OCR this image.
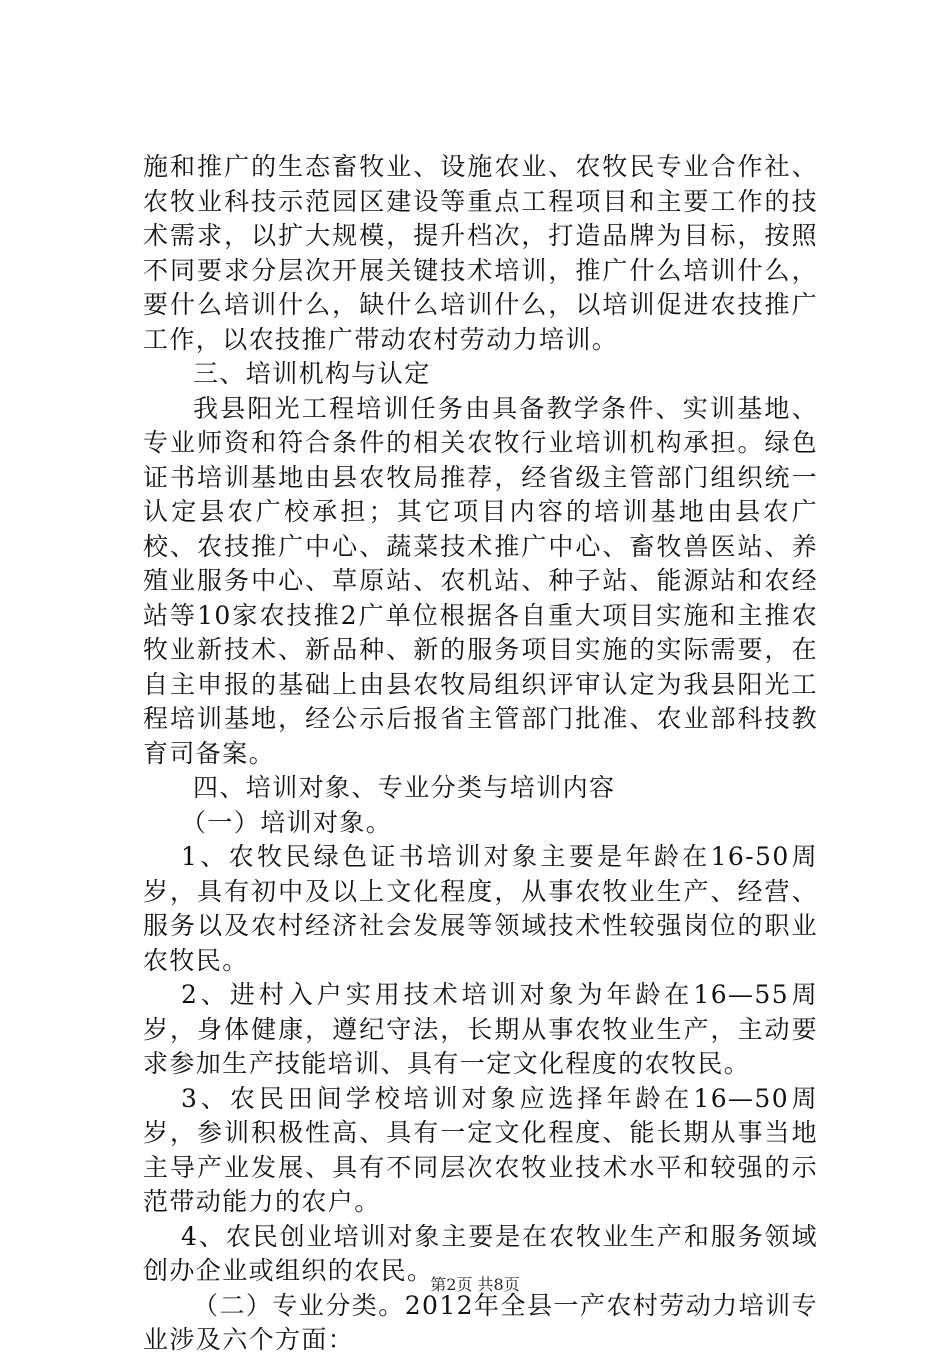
施和推广的生态畜牧业、设施农业、农牧民专业合作社、农牧业科技示范园区建设等重点工程项目和主要工作的技术需求，以扩大规模，提升档次，打造品牌为目标，按照不同要求分层次开展关键技术培训，推广什么培训什么，要什么培训什么，缺什么培训什么，以培训促进农技推广工作，以农技推广带动农村劳动力培训。

三、培训机构与认定

我县阳光工程培训任务由具备教学条件、实训基地、专业师资和符合条件的相关农牧行业培训机构承担。绿色证书培训基地由县农牧局推荐，经省级主管部门组织统一认定县农广校承担；其它项目内容的培训基地由县农广校、农技推广中心、蔬菜技术推广中心、畜牧兽医站、养殖业服务中心、草原站、农机站、种子站、能源站和农经站等10家农技推2广单位根据各自重大项目实施和主推农牧业新技术、新品种、新的服务项目实施的实际需要，在自主申报的基础上由县农牧局组织评审认定为我县阳光工程培训基地，经公示后报省主管部门批准、农业部科技教育司备案。

四、培训对象、专业分类与培训内容

（一）培训对象。

1、农牧民绿色证书培训对象主要是年龄在16-50周岁，具有初中及以上文化程度，从事农牧业生产、经营、服务以及农村经济社会发展等领域技术性较强岗位的职业农牧民。

2、进村入户实用技术培训对象为年龄在16—55周岁，身体健康，遵纪守法，长期从事农牧业生产，主动要求参加生产技能培训、具有一定文化程度的农牧民。

3、农民田间学校培训对象应选择年龄在16—50周岁，参训积极性高、具有一定文化程度、能长期从事当地主导产业发展、具有不同层次农牧业技术水平和较强的示范带动能力的农户。

4、农民创业培训对象主要是在农牧业生产和服务领域创办企业或组织的农民。

（二）专业分类。2012年全县一产农村劳动力培训专业涉及六个方面：

第2页 共8页
